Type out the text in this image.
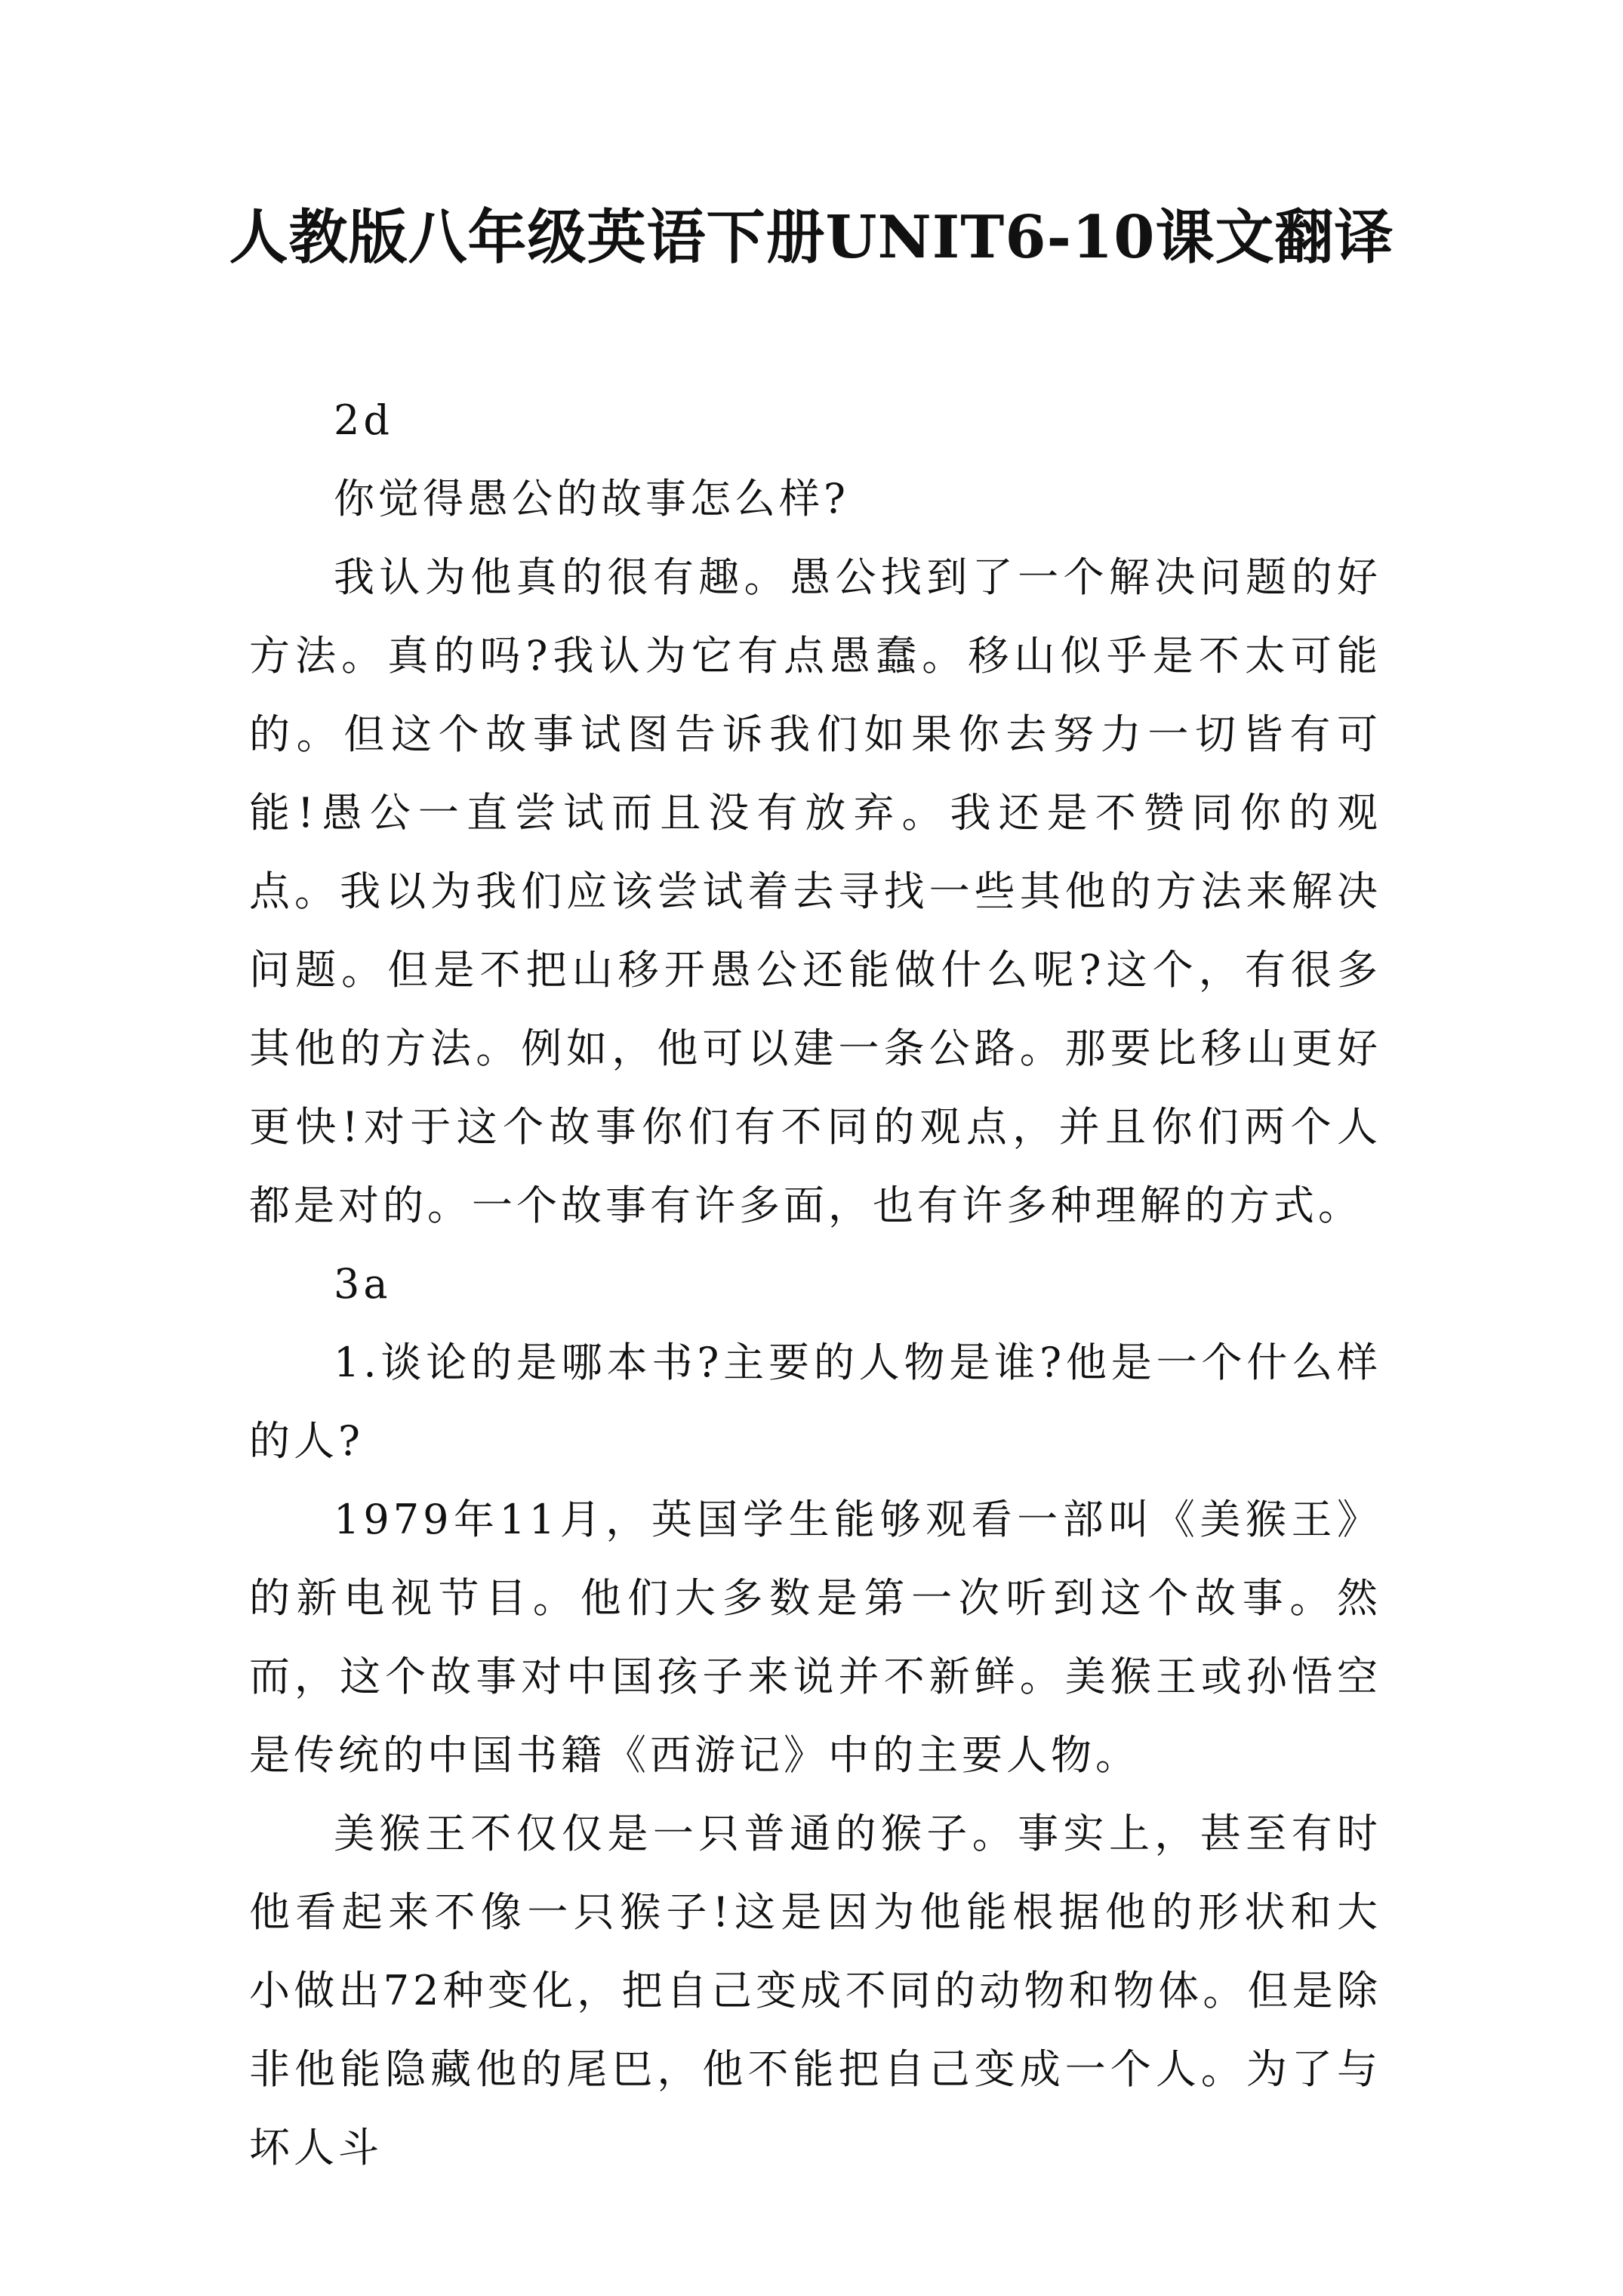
人教版八年级英语下册UNIT6-10课文翻译

2d

你觉得愚公的故事怎么样?

我认为他真的很有趣。愚公找到了一个解决问题的好方法。真的吗?我认为它有点愚蠢。移山似乎是不太可能的。但这个故事试图告诉我们如果你去努力一切皆有可能!愚公一直尝试而且没有放弃。我还是不赞同你的观点。我以为我们应该尝试着去寻找一些其他的方法来解决问题。但是不把山移开愚公还能做什么呢?这个，有很多其他的方法。例如，他可以建一条公路。那要比移山更好更快!对于这个故事你们有不同的观点，并且你们两个人都是对的。一个故事有许多面，也有许多种理解的方式。

3a

1.谈论的是哪本书?主要的人物是谁?他是一个什么样的人?

1979年11月，英国学生能够观看一部叫《美猴王》的新电视节目。他们大多数是第一次听到这个故事。然而，这个故事对中国孩子来说并不新鲜。美猴王或孙悟空是传统的中国书籍《西游记》中的主要人物。

美猴王不仅仅是一只普通的猴子。事实上，甚至有时他看起来不像一只猴子!这是因为他能根据他的形状和大小做出72种变化，把自己变成不同的动物和物体。但是除非他能隐藏他的尾巴，他不能把自己变成一个人。为了与坏人斗
